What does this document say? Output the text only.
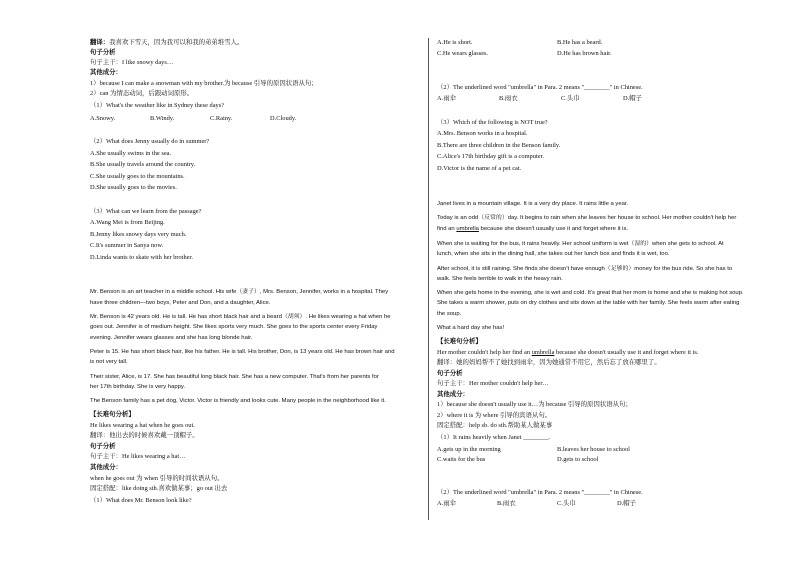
翻译：我喜欢下雪天，因为我可以和我的弟弟堆雪人。
句子分析
句子主干：I like snowy days…
其他成分：
1）because I can make a snowman with my brother.为 because 引导的原因状语从句；
2）can 为情态动词，后跟动词原形。
（1）What's the weather like in Sydney these days?
A.Snowy.	B.Windy.	C.Rainy.	D.Cloudy.
（2）What does Jenny usually do in summer?
A.She usually swims in the sea.
B.She usually travels around the country.
C.She usually goes to the mountains.
D.She usually goes to the movies.
（3）What can we learn from the passage?
A.Wang Mei is from Beijing.
B.Jenny likes snowy days very much.
C.It's summer in Sanya now.
D.Linda wants to skate with her brother.
Mr. Benson is an art teacher in a middle school. His wife（妻子）, Mrs. Benson, Jennifer, works in a hospital. They
have three children—two boys, Peter and Don, and a daughter, Alice.
Mr. Benson is 42 years old. He is tall. He has short black hair and a beard（胡须）. He likes wearing a hat when he
goes out. Jennifer is of medium height. She likes sports very much. She goes to the sports center every Friday
evening. Jennifer wears glasses and she has long blonde hair.
Peter is 15. He has short black hair, like his father. He is tall. His brother, Don, is 13 years old. He has brown hair and
is not very tall.
Their sister, Alice, is 17. She has beautiful long black hair. She has a new computer. That's from her parents for
her 17th birthday. She is very happy.
The Benson family has a pet dog, Victor. Victor is friendly and looks cute. Many people in the neighborhood like it.
【长难句分析】
He likes wearing a hat when he goes out.
翻译：他出去的时候喜欢戴一顶帽子。
句子分析
句子主干：He likes wearing a hat…
其他成分：
when he goes out 为 when 引导的时间状语从句。
固定搭配：like doing sth.喜欢做某事；go out 出去
（1）What does Mr. Benson look like?
A.He is short.	B.He has a beard.
C.He wears glasses.	D.He has brown hair.
（2）The underlined word "umbrella" in Para. 2 means "________" in Chinese.
A.雨伞	B.雨衣	C.头巾	D.帽子
（3）Which of the following is NOT true?
A.Mrs. Benson works in a hospital.
B.There are three children in the Benson family.
C.Alice's 17th birthday gift is a computer.
D.Victor is the name of a pet cat.
Janet lives in a mountain village. It is a very dry place. It rains little a year.
Today is an odd（反常的）day. It begins to rain when she leaves her house to school. Her mother couldn't help her
find an umbrella because she doesn't usually use it and forget where it is.
When she is waiting for the bus, it rains heavily. Her school uniform is wet（湿的）when she gets to school. At
lunch, when she sits in the dining hall, she takes out her lunch box and finds it is wet, too.
After school, it is still raining. She finds she doesn't have enough（足够的）money for the bus ride. So she has to
walk. She feels terrible to walk in the heavy rain.
When she gets home in the evening, she is wet and cold. It's great that her mom is home and she is making hot soup.
She takes a warm shower, puts on dry clothes and sits down at the table with her family. She feels warm after eating
the soup.
What a hard day she has!
【长难句分析】
Her mother couldn't help her find an umbrella because she doesn't usually use it and forget where it is.
翻译：她的妈妈帮不了她找到雨伞，因为她通常不用它，然后忘了放在哪里了。
句子分析
句子主干：Her mother couldn't help her…
其他成分：
1）because she doesn't usually use it…为 because 引导的原因状语从句；
2）where it is 为 where 引导的宾语从句。
固定搭配：help sb. do sth.帮助某人做某事
（1）It rains heavily when Janet ________.
A.gets up in the morning	B.leaves her house to school
C.waits for the bus	D.gets to school
（2）The underlined word "umbrella" in Para. 2 means "________" in Chinese.
A.雨伞	B.雨衣	C.头巾	D.帽子
